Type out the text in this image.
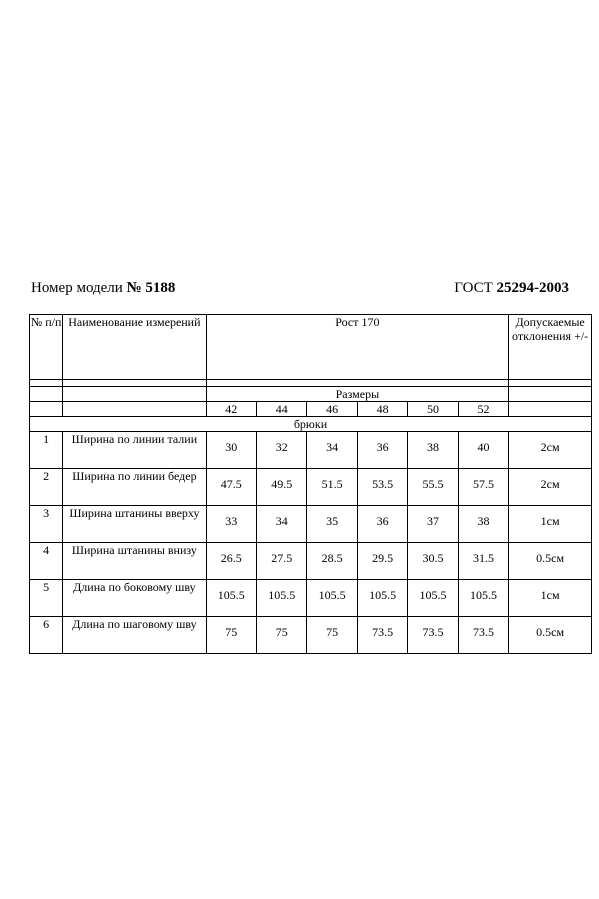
Номер модели № 5188	ГОСТ 25294-2003
№ п/п	Наименование измерений	Рост 170						Допускаемые отклонения +/-

		Размеры						
		42	44	46	48	50	52	
брюки								
1	Ширина по линии талии	30	32	34	36	38	40	2см
2	Ширина по линии бедер	47.5	49.5	51.5	53.5	55.5	57.5	2см
3	Ширина штанины вверху	33	34	35	36	37	38	1см
4	Ширина штанины внизу	26.5	27.5	28.5	29.5	30.5	31.5	0.5см
5	Длина по боковому шву	105.5	105.5	105.5	105.5	105.5	105.5	1см
6	Длина по шаговому шву	75	75	75	73.5	73.5	73.5	0.5см
